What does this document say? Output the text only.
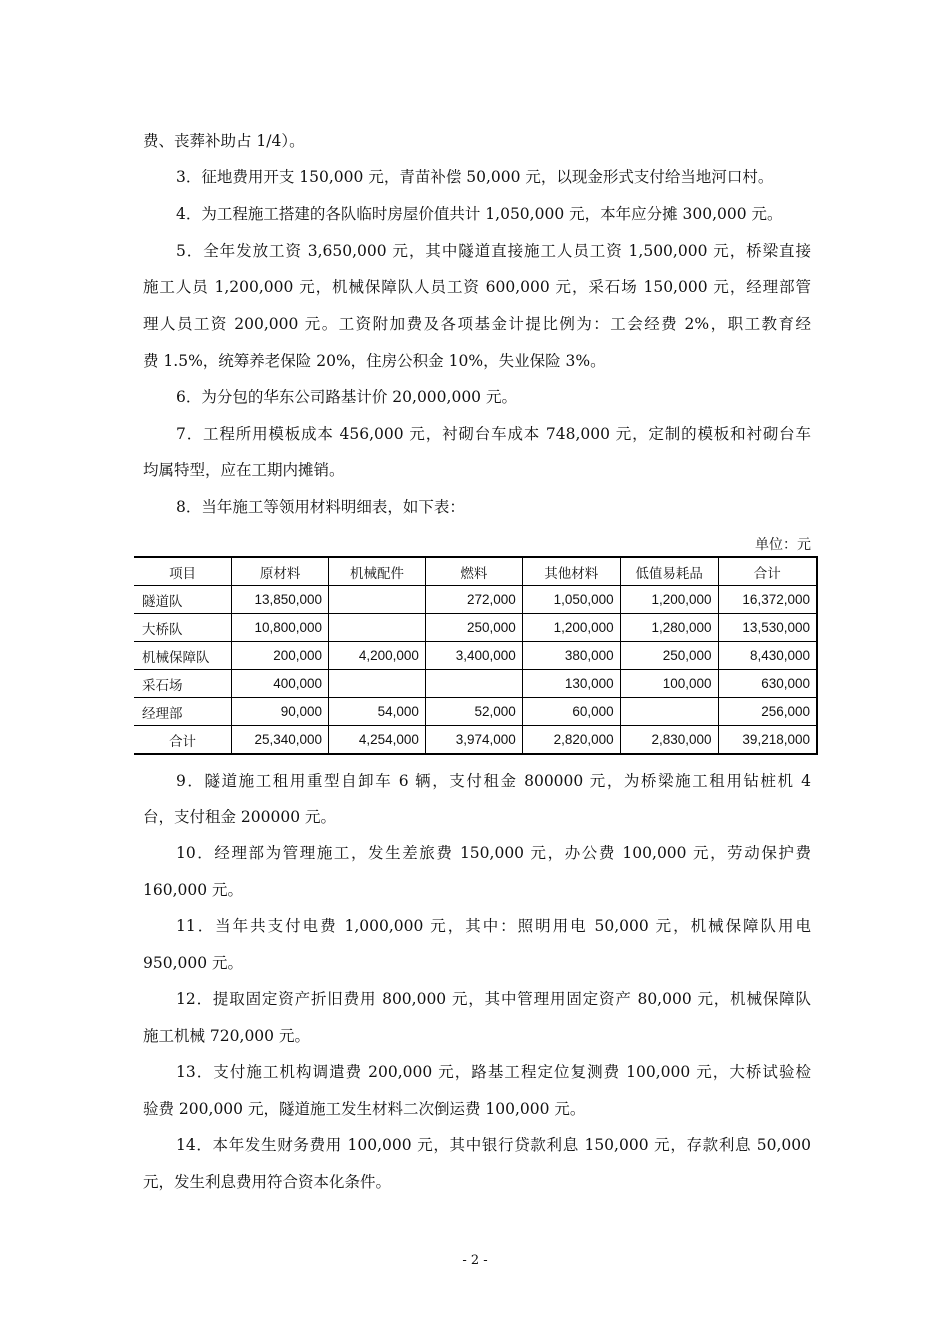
费、丧葬补助占 1/4）。
3．征地费用开支 150,000 元，青苗补偿 50,000 元，以现金形式支付给当地河口村。
4．为工程施工搭建的各队临时房屋价值共计 1,050,000 元，本年应分摊 300,000 元。
5．全年发放工资 3,650,000 元，其中隧道直接施工人员工资 1,500,000 元，桥梁直接
施工人员 1,200,000 元，机械保障队人员工资 600,000 元，采石场 150,000 元，经理部管
理人员工资 200,000 元。工资附加费及各项基金计提比例为：工会经费 2%，职工教育经
费 1.5%，统筹养老保险 20%，住房公积金 10%，失业保险 3%。
6．为分包的华东公司路基计价 20,000,000 元。
7．工程所用模板成本 456,000 元，衬砌台车成本 748,000 元，定制的模板和衬砌台车
均属特型，应在工期内摊销。
8．当年施工等领用材料明细表，如下表：
单位：元
项目	原材料	机械配件	燃料	其他材料	低值易耗品	合计
隧道队	13,850,000		272,000	1,050,000	1,200,000	16,372,000
大桥队	10,800,000		250,000	1,200,000	1,280,000	13,530,000
机械保障队	200,000	4,200,000	3,400,000	380,000	250,000	8,430,000
采石场	400,000			130,000	100,000	630,000
经理部	90,000	54,000	52,000	60,000		256,000
合计	25,340,000	4,254,000	3,974,000	2,820,000	2,830,000	39,218,000
9．隧道施工租用重型自卸车 6 辆，支付租金 800000 元，为桥梁施工租用钻桩机 4
台，支付租金 200000 元。
10．经理部为管理施工，发生差旅费 150,000 元，办公费 100,000 元，劳动保护费
160,000 元。
11．当年共支付电费 1,000,000 元，其中：照明用电 50,000 元，机械保障队用电
950,000 元。
12．提取固定资产折旧费用 800,000 元，其中管理用固定资产 80,000 元，机械保障队
施工机械 720,000 元。
13．支付施工机构调遣费 200,000 元，路基工程定位复测费 100,000 元，大桥试验检
验费 200,000 元，隧道施工发生材料二次倒运费 100,000 元。
14．本年发生财务费用 100,000 元，其中银行贷款利息 150,000 元，存款利息 50,000
元，发生利息费用符合资本化条件。
- 2 -
